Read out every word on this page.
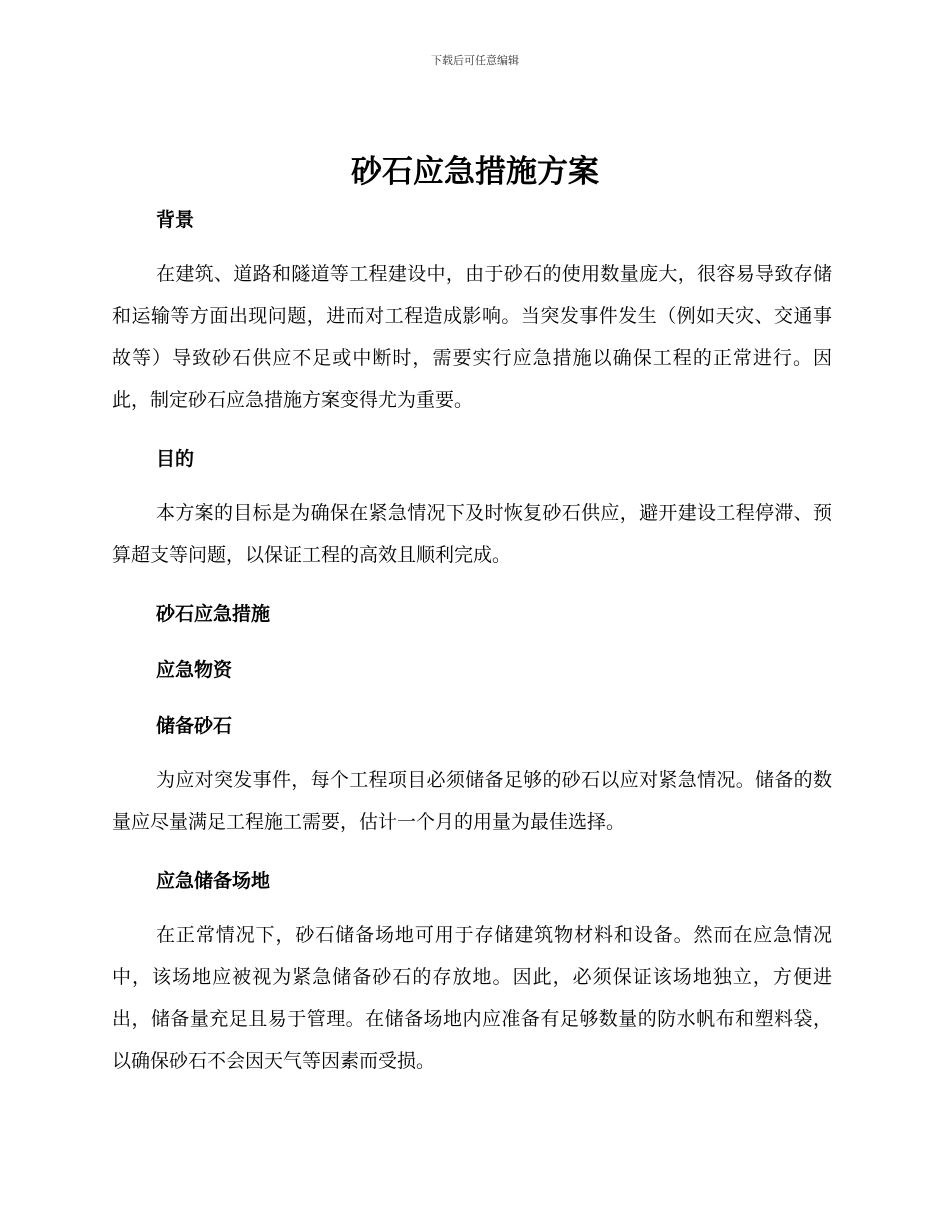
下载后可任意编辑
砂石应急措施方案
背景

在建筑、道路和隧道等工程建设中，由于砂石的使用数量庞大，很容易导致存储和运输等方面出现问题，进而对工程造成影响。当突发事件发生（例如天灾、交通事故等）导致砂石供应不足或中断时，需要实行应急措施以确保工程的正常进行。因此，制定砂石应急措施方案变得尤为重要。

目的

本方案的目标是为确保在紧急情况下及时恢复砂石供应，避开建设工程停滞、预算超支等问题，以保证工程的高效且顺利完成。

砂石应急措施
应急物资
储备砂石

为应对突发事件，每个工程项目必须储备足够的砂石以应对紧急情况。储备的数量应尽量满足工程施工需要，估计一个月的用量为最佳选择。

应急储备场地

在正常情况下，砂石储备场地可用于存储建筑物材料和设备。然而在应急情况中，该场地应被视为紧急储备砂石的存放地。因此，必须保证该场地独立，方便进出，储备量充足且易于管理。在储备场地内应准备有足够数量的防水帆布和塑料袋，以确保砂石不会因天气等因素而受损。
